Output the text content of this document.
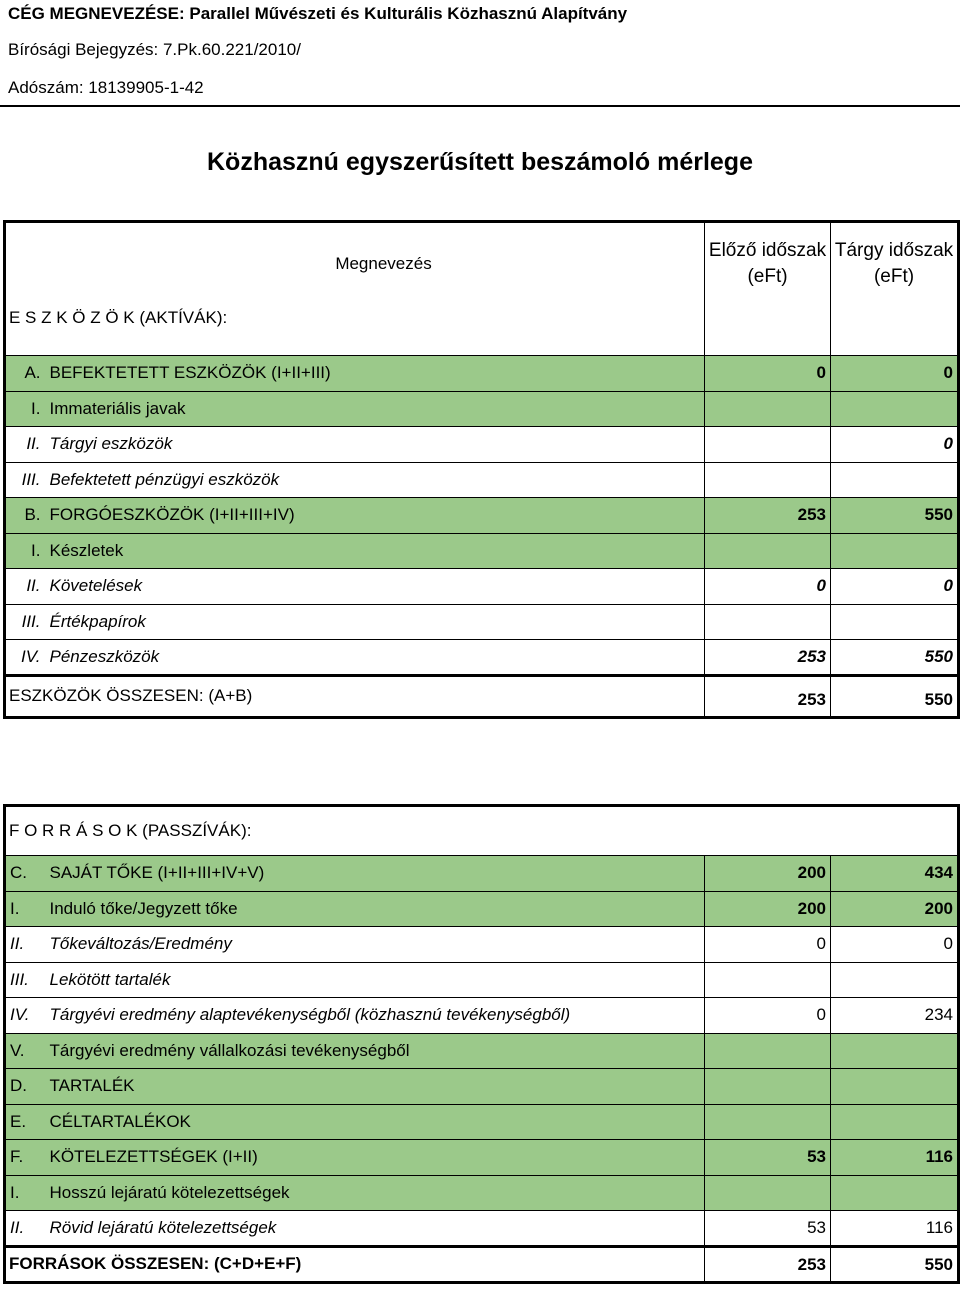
CÉG MEGNEVEZÉSE: Parallel Művészeti és Kulturális Közhasznú Alapítvány
Bírósági Bejegyzés: 7.Pk.60.221/2010/
Adószám: 18139905-1-42
Közhasznú egyszerűsített beszámoló mérlege
Megnevezés		Előző időszak (eFt)	Tárgy időszak (eFt)
E S Z K Ö Z Ö K (AKTÍVÁK):			
A.	BEFEKTETETT ESZKÖZÖK (I+II+III)	0	0
I.	Immateriális javak		
II.	Tárgyi eszközök		0
III.	Befektetett pénzügyi eszközök		
B.	FORGÓESZKÖZÖK (I+II+III+IV)	253	550
I.	Készletek		
II.	Követelések	0	0
III.	Értékpapírok		
IV.	Pénzeszközök	253	550
ESZKÖZÖK ÖSSZESEN: (A+B)		253	550
F O R R Á S O K (PASSZÍVÁK):			
C.	SAJÁT TŐKE (I+II+III+IV+V)	200	434
I.	Induló tőke/Jegyzett tőke	200	200
II.	Tőkeváltozás/Eredmény	0	0
III.	Lekötött tartalék		
IV.	Tárgyévi eredmény alaptevékenységből (közhasznú tevékenységből)	0	234
V.	Tárgyévi eredmény vállalkozási tevékenységből		
D.	TARTALÉK		
E.	CÉLTARTALÉKOK		
F.	KÖTELEZETTSÉGEK (I+II)	53	116
I.	Hosszú lejáratú kötelezettségek		
II.	Rövid lejáratú kötelezettségek	53	116
FORRÁSOK ÖSSZESEN: (C+D+E+F)		253	550
